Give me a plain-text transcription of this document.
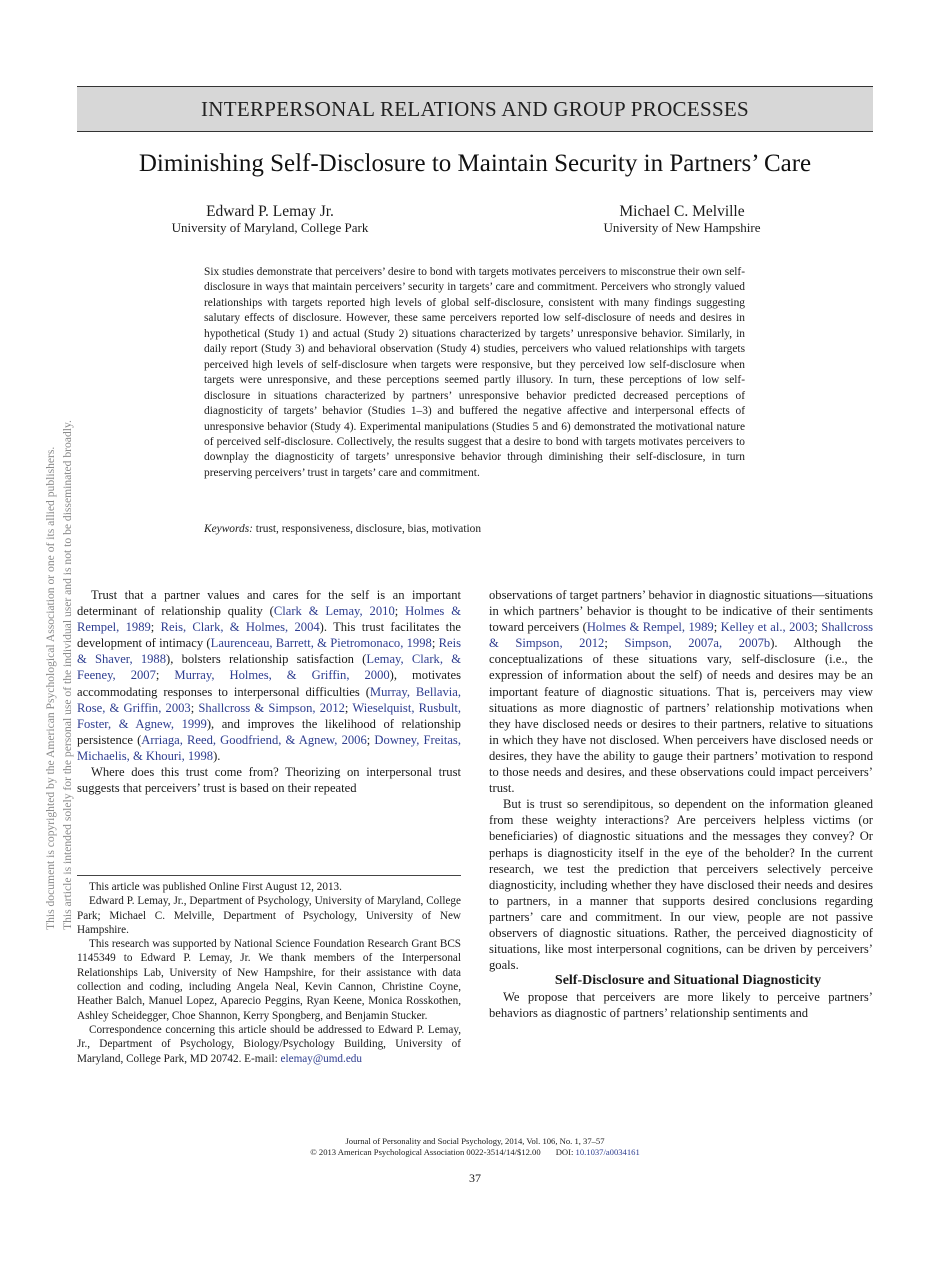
This document is copyrighted by the American Psychological Association or one of its allied publishers. This article is intended solely for the personal use of the individual user and is not to be disseminated broadly.
INTERPERSONAL RELATIONS AND GROUP PROCESSES
Diminishing Self-Disclosure to Maintain Security in Partners’ Care
Edward P. Lemay Jr.
University of Maryland, College Park
Michael C. Melville
University of New Hampshire

Six studies demonstrate that perceivers’ desire to bond with targets motivates perceivers to misconstrue their own self-disclosure in ways that maintain perceivers’ security in targets’ care and commitment. Perceivers who strongly valued relationships with targets reported high levels of global self-disclosure, consistent with many findings suggesting salutary effects of disclosure. However, these same perceivers reported low self-disclosure of needs and desires in hypothetical (Study 1) and actual (Study 2) situations characterized by targets’ unresponsive behavior. Similarly, in daily report (Study 3) and behavioral observation (Study 4) studies, perceivers who valued relationships with targets perceived high levels of self-disclosure when targets were responsive, but they perceived low self-disclosure when targets were unresponsive, and these perceptions seemed partly illusory. In turn, these perceptions of low self-disclosure in situations characterized by partners’ unresponsive behavior predicted decreased perceptions of diagnosticity of targets’ behavior (Studies 1–3) and buffered the negative affective and interpersonal effects of unresponsive behavior (Study 4). Experimental manipulations (Studies 5 and 6) demonstrated the motivational nature of perceived self-disclosure. Collectively, the results suggest that a desire to bond with targets motivates perceivers to downplay the diagnosticity of targets’ unresponsive behavior through diminishing their self-disclosure, in turn preserving perceivers’ trust in targets’ care and commitment.

Keywords: trust, responsiveness, disclosure, bias, motivation

Trust that a partner values and cares for the self is an important determinant of relationship quality (Clark & Lemay, 2010; Holmes & Rempel, 1989; Reis, Clark, & Holmes, 2004). This trust facilitates the development of intimacy (Laurenceau, Barrett, & Pietromonaco, 1998; Reis & Shaver, 1988), bolsters relationship satisfaction (Lemay, Clark, & Feeney, 2007; Murray, Holmes, & Griffin, 2000), motivates accommodating responses to interpersonal difficulties (Murray, Bellavia, Rose, & Griffin, 2003; Shallcross & Simpson, 2012; Wieselquist, Rusbult, Foster, & Agnew, 1999), and improves the likelihood of relationship persistence (Arriaga, Reed, Goodfriend, & Agnew, 2006; Downey, Freitas, Michaelis, & Khouri, 1998).

Where does this trust come from? Theorizing on interpersonal trust suggests that perceivers’ trust is based on their repeated

This article was published Online First August 12, 2013.

Edward P. Lemay, Jr., Department of Psychology, University of Maryland, College Park; Michael C. Melville, Department of Psychology, University of New Hampshire.

This research was supported by National Science Foundation Research Grant BCS 1145349 to Edward P. Lemay, Jr. We thank members of the Interpersonal Relationships Lab, University of New Hampshire, for their assistance with data collection and coding, including Angela Neal, Kevin Cannon, Christine Coyne, Heather Balch, Manuel Lopez, Aparecio Peggins, Ryan Keene, Monica Rosskothen, Ashley Scheidegger, Choe Shannon, Kerry Spongberg, and Benjamin Stucker.

Correspondence concerning this article should be addressed to Edward P. Lemay, Jr., Department of Psychology, Biology/Psychology Building, University of Maryland, College Park, MD 20742. E-mail: elemay@umd.edu

observations of target partners’ behavior in diagnostic situations—situations in which partners’ behavior is thought to be indicative of their sentiments toward perceivers (Holmes & Rempel, 1989; Kelley et al., 2003; Shallcross & Simpson, 2012; Simpson, 2007a, 2007b). Although the conceptualizations of these situations vary, self-disclosure (i.e., the expression of information about the self) of needs and desires may be an important feature of diagnostic situations. That is, perceivers may view situations as more diagnostic of partners’ relationship motivations when they have disclosed needs or desires to their partners, relative to situations in which they have not disclosed. When perceivers have disclosed needs or desires, they have the ability to gauge their partners’ motivation to respond to those needs and desires, and these observations could impact perceivers’ trust.

But is trust so serendipitous, so dependent on the information gleaned from these weighty interactions? Are perceivers helpless victims (or beneficiaries) of diagnostic situations and the messages they convey? Or perhaps is diagnosticity itself in the eye of the beholder? In the current research, we test the prediction that perceivers selectively perceive diagnosticity, including whether they have disclosed their needs and desires to partners, in a manner that supports desired conclusions regarding partners’ care and commitment. In our view, people are not passive observers of diagnostic situations. Rather, the perceived diagnosticity of situations, like most interpersonal cognitions, can be driven by perceivers’ goals.

Self-Disclosure and Situational Diagnosticity

We propose that perceivers are more likely to perceive partners’ behaviors as diagnostic of partners’ relationship sentiments and

Journal of Personality and Social Psychology, 2014, Vol. 106, No. 1, 37–57
© 2013 American Psychological Association 0022-3514/14/$12.00 DOI: 10.1037/a0034161
37
